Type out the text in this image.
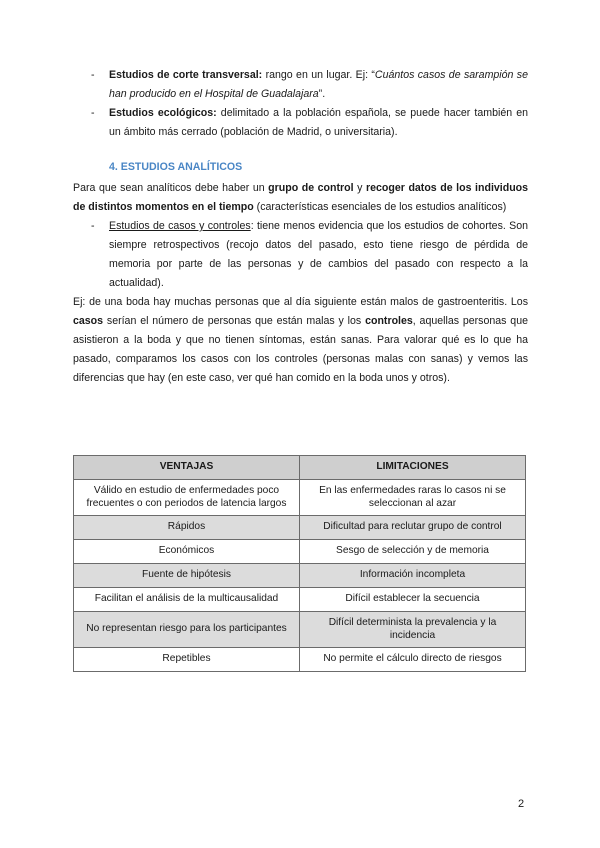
- Estudios de corte transversal: rango en un lugar. Ej: “Cuántos casos de sarampión se han producido en el Hospital de Guadalajara”.
- Estudios ecológicos: delimitado a la población española, se puede hacer también en un ámbito más cerrado (población de Madrid, o universitaria).
4. ESTUDIOS ANALÍTICOS

Para que sean analíticos debe haber un grupo de control y recoger datos de los individuos de distintos momentos en el tiempo (características esenciales de los estudios analíticos)

- Estudios de casos y controles: tiene menos evidencia que los estudios de cohortes. Son siempre retrospectivos (recojo datos del pasado, esto tiene riesgo de pérdida de memoria por parte de las personas y de cambios del pasado con respecto a la actualidad).

Ej: de una boda hay muchas personas que al día siguiente están malos de gastroenteritis. Los casos serían el número de personas que están malas y los controles, aquellas personas que asistieron a la boda y que no tienen síntomas, están sanas. Para valorar qué es lo que ha pasado, comparamos los casos con los controles (personas malas con sanas) y vemos las diferencias que hay (en este caso, ver qué han comido en la boda unos y otros).

VENTAJAS	LIMITACIONES
Válido en estudio de enfermedades poco frecuentes o con periodos de latencia largos	En las enfermedades raras lo casos ni se seleccionan al azar
Rápidos	Dificultad para reclutar grupo de control
Económicos	Sesgo de selección y de memoria
Fuente de hipótesis	Información incompleta
Facilitan el análisis de la multicausalidad	Difícil establecer la secuencia
No representan riesgo para los participantes	Difícil determinista la prevalencia y la incidencia
Repetibles	No permite el cálculo directo de riesgos
2
